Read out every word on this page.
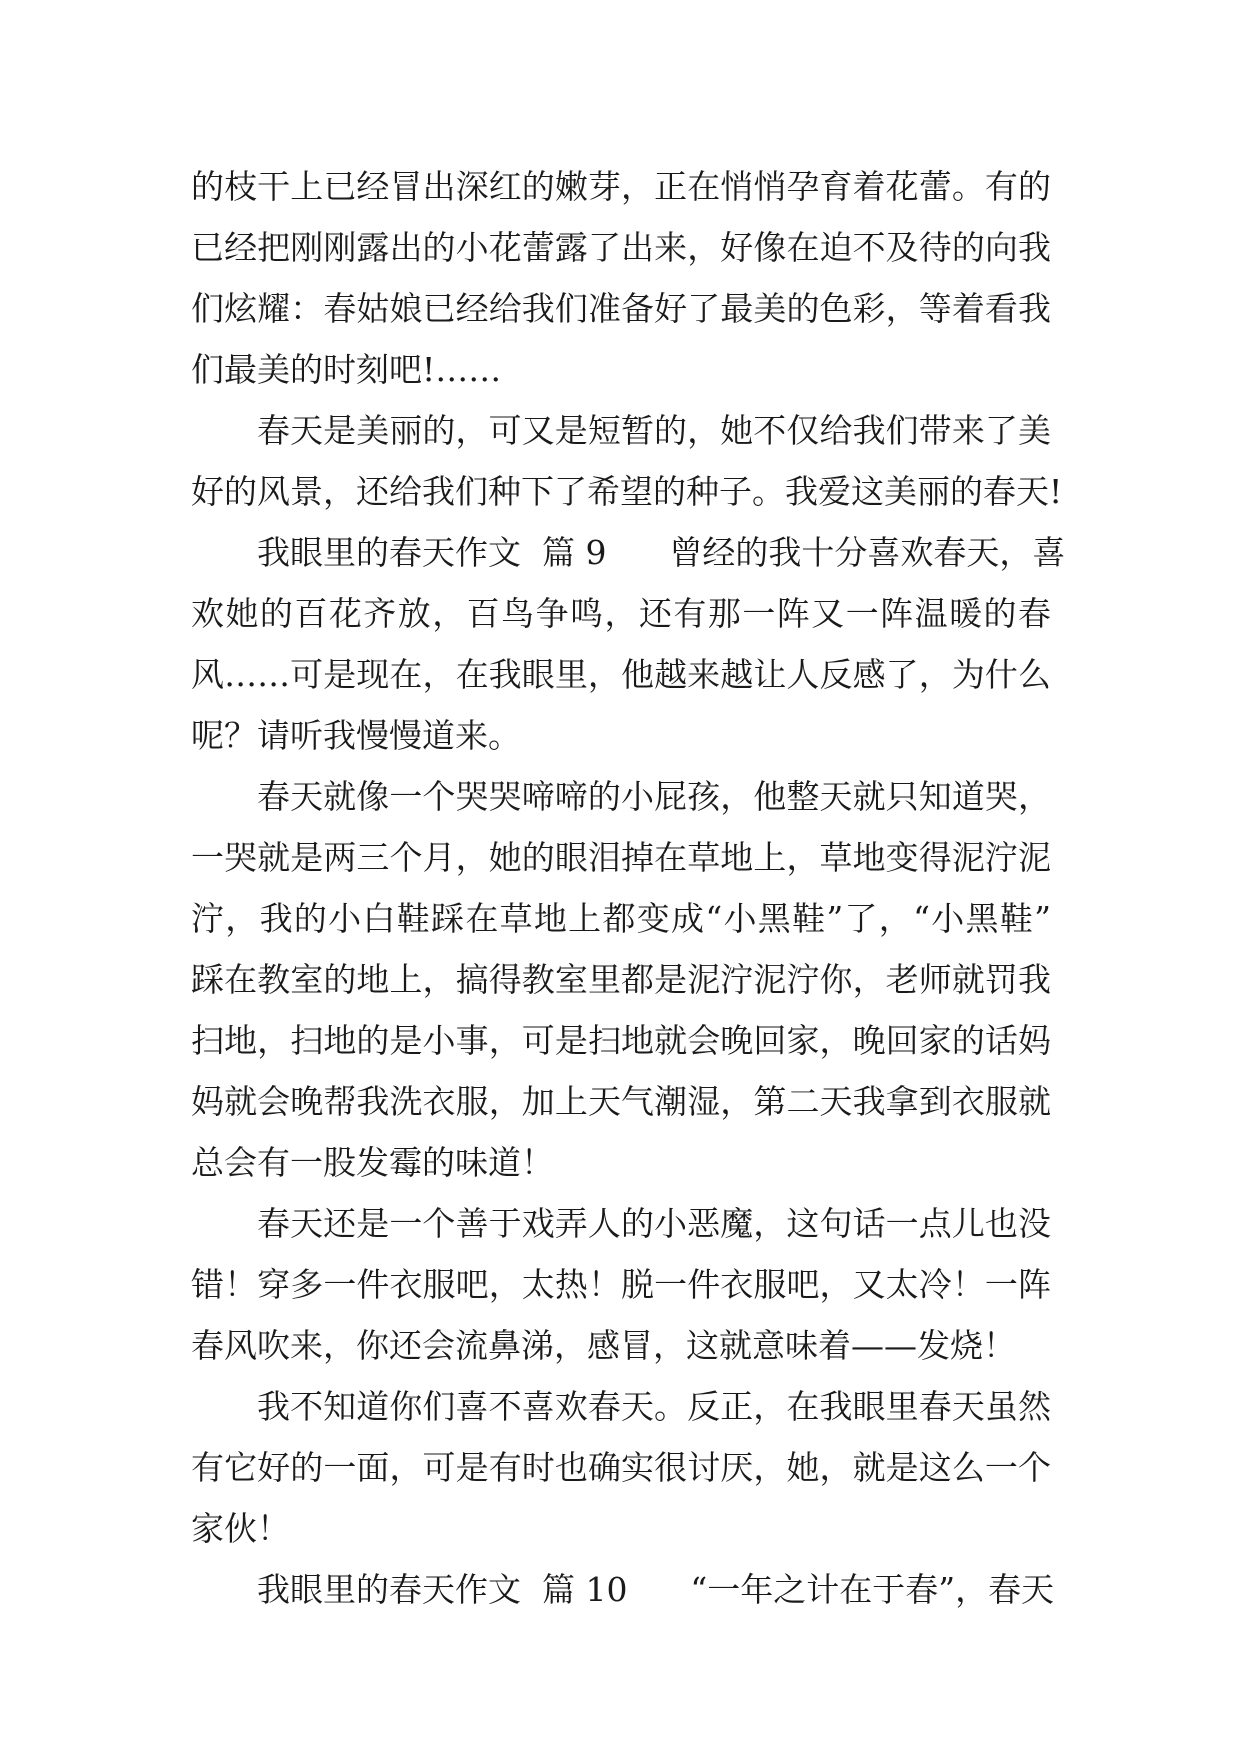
的枝干上已经冒出深红的嫩芽，正在悄悄孕育着花蕾。有的
已经把刚刚露出的小花蕾露了出来，好像在迫不及待的向我
们炫耀：春姑娘已经给我们准备好了最美的色彩，等着看我
们最美的时刻吧!……
春天是美丽的，可又是短暂的，她不仅给我们带来了美
好的风景，还给我们种下了希望的种子。我爱这美丽的春天!
我眼里的春天作文  篇 9      曾经的我十分喜欢春天，喜
欢她的百花齐放，百鸟争鸣，还有那一阵又一阵温暖的春
风……可是现在，在我眼里，他越来越让人反感了，为什么
呢？请听我慢慢道来。
春天就像一个哭哭啼啼的小屁孩，他整天就只知道哭，
一哭就是两三个月，她的眼泪掉在草地上，草地变得泥泞泥
泞，我的小白鞋踩在草地上都变成“小黑鞋”了，“小黑鞋”
踩在教室的地上，搞得教室里都是泥泞泥泞你，老师就罚我
扫地，扫地的是小事，可是扫地就会晚回家，晚回家的话妈
妈就会晚帮我洗衣服，加上天气潮湿，第二天我拿到衣服就
总会有一股发霉的味道！
春天还是一个善于戏弄人的小恶魔，这句话一点儿也没
错！穿多一件衣服吧，太热！脱一件衣服吧，又太冷！一阵
春风吹来，你还会流鼻涕，感冒，这就意味着——发烧！
我不知道你们喜不喜欢春天。反正，在我眼里春天虽然
有它好的一面，可是有时也确实很讨厌，她，就是这么一个
家伙！
我眼里的春天作文  篇 10      “一年之计在于春”，春天
